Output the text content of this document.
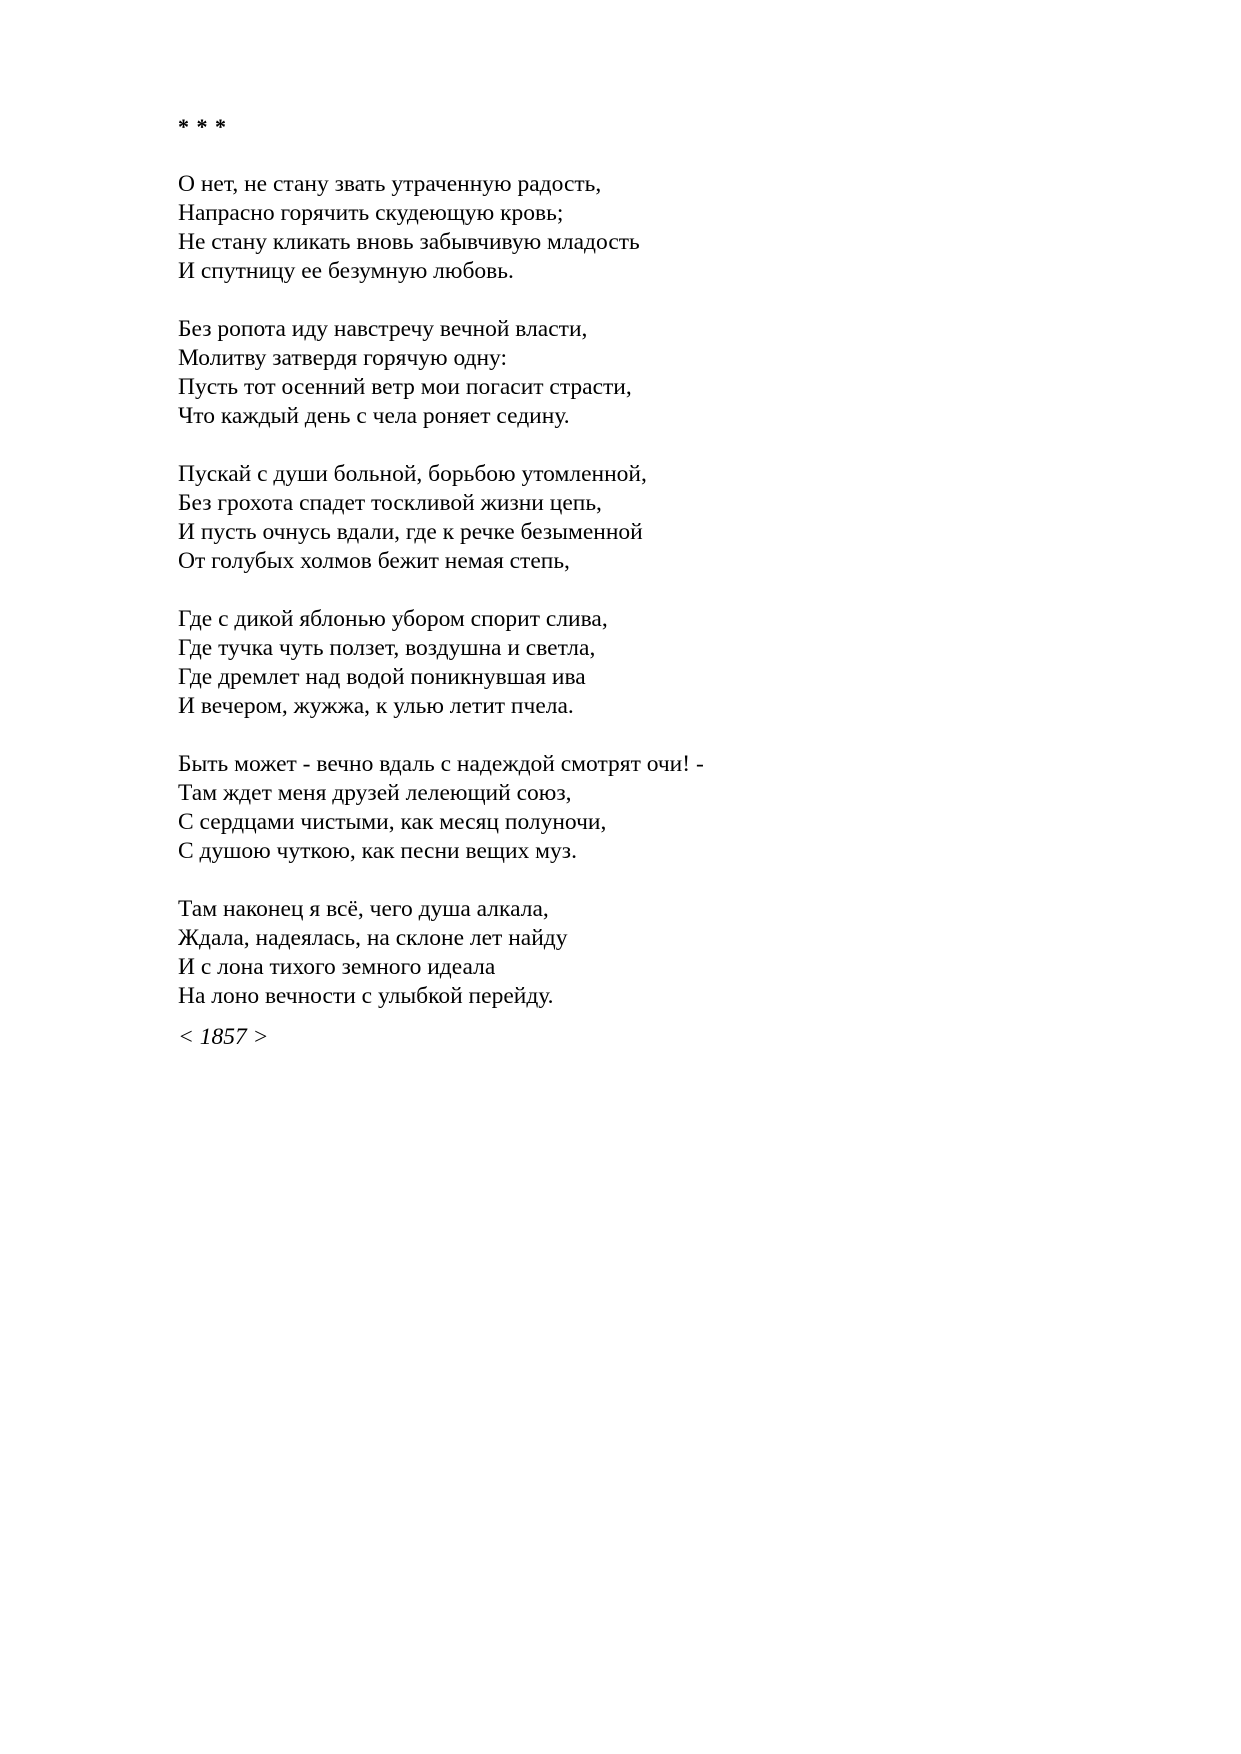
* * *
О нет, не стану звать утраченную радость,
Напрасно горячить скудеющую кровь;
Не стану кликать вновь забывчивую младость
И спутницу ее безумную любовь.
Без ропота иду навстречу вечной власти,
Молитву затвердя горячую одну:
Пусть тот осенний ветр мои погасит страсти,
Что каждый день с чела роняет седину.
Пускай с души больной, борьбою утомленной,
Без грохота спадет тоскливой жизни цепь,
И пусть очнусь вдали, где к речке безыменной
От голубых холмов бежит немая степь,
Где с дикой яблонью убором спорит слива,
Где тучка чуть ползет, воздушна и светла,
Где дремлет над водой поникнувшая ива
И вечером, жужжа, к улью летит пчела.
Быть может - вечно вдаль с надеждой смотрят очи! -
Там ждет меня друзей лелеющий союз,
С сердцами чистыми, как месяц полуночи,
С душою чуткою, как песни вещих муз.
Там наконец я всё, чего душа алкала,
Ждала, надеялась, на склоне лет найду
И с лона тихого земного идеала
На лоно вечности с улыбкой перейду.
< 1857 >
